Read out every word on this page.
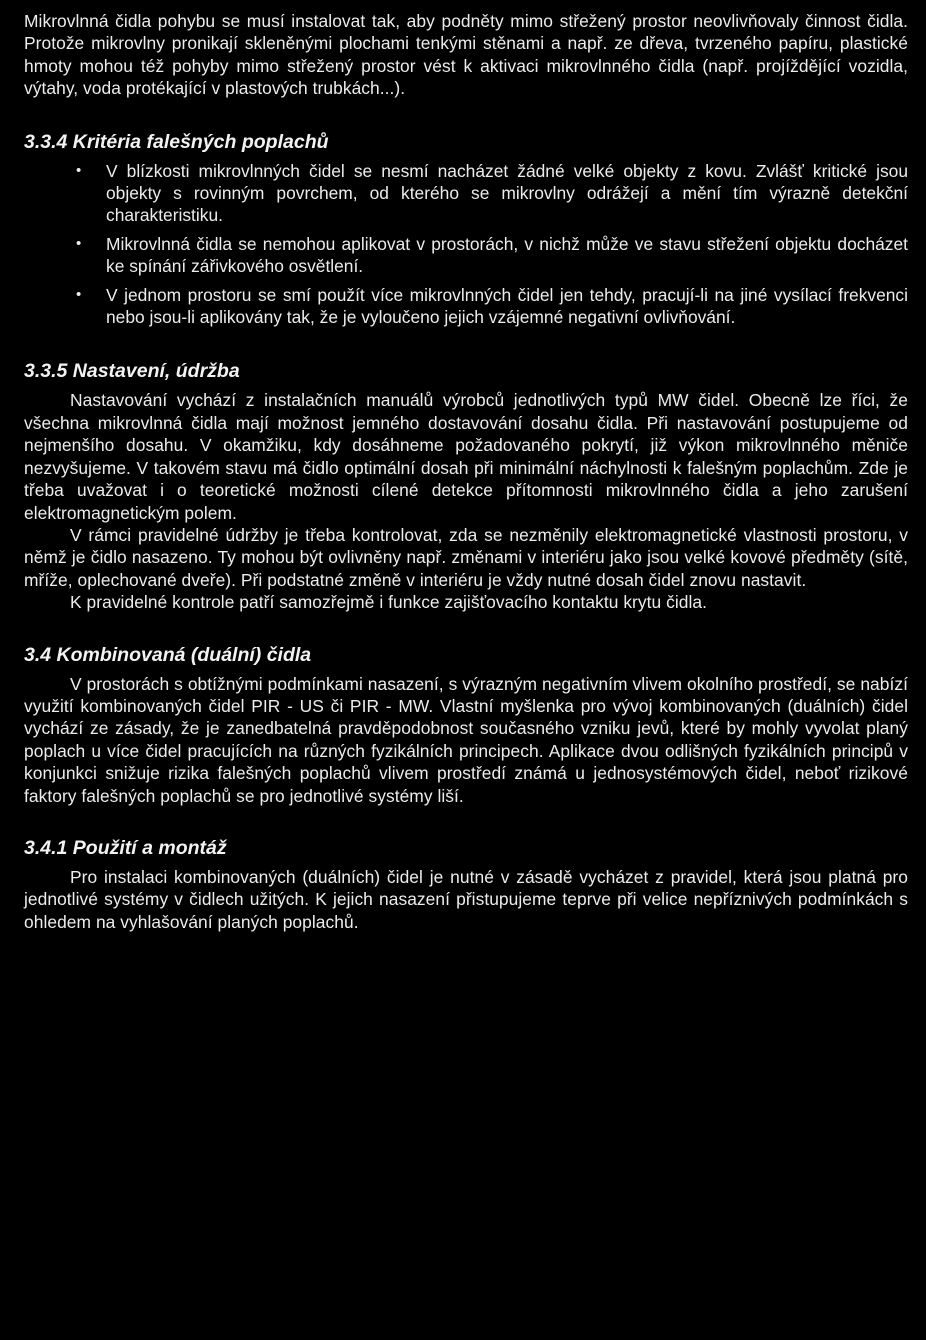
Mikrovlnná čidla pohybu se musí instalovat tak, aby podněty mimo střežený prostor neovlivňovaly činnost čidla. Protože mikrovlny pronikají skleněnými plochami tenkými stěnami a např. ze dřeva, tvrzeného papíru, plastické hmoty mohou též pohyby mimo střežený prostor vést k aktivaci mikrovlnného čidla (např. projíždějící vozidla, výtahy, voda protékající v plastových trubkách...).

3.3.4 Kritéria falešných poplachů
• V blízkosti mikrovlnných čidel se nesmí nacházet žádné velké objekty z kovu. Zvlášť kritické jsou objekty s rovinným povrchem, od kterého se mikrovlny odrážejí a mění tím výrazně detekční charakteristiku.
• Mikrovlnná čidla se nemohou aplikovat v prostorách, v nichž může ve stavu střežení objektu docházet ke spínání zářivkového osvětlení.
• V jednom prostoru se smí použít více mikrovlnných čidel jen tehdy, pracují-li na jiné vysílací frekvenci nebo jsou-li aplikovány tak, že je vyloučeno jejich vzájemné negativní ovlivňování.
3.3.5 Nastavení, údržba

Nastavování vychází z instalačních manuálů výrobců jednotlivých typů MW čidel. Obecně lze říci, že všechna mikrovlnná čidla mají možnost jemného dostavování dosahu čidla. Při nastavování postupujeme od nejmenšího dosahu. V okamžiku, kdy dosáhneme požadovaného pokrytí, již výkon mikrovlnného měniče nezvyšujeme. V takovém stavu má čidlo optimální dosah při minimální náchylnosti k falešným poplachům. Zde je třeba uvažovat i o teoretické možnosti cílené detekce přítomnosti mikrovlnného čidla a jeho zarušení elektromagnetickým polem.

V rámci pravidelné údržby je třeba kontrolovat, zda se nezměnily elektromagnetické vlastnosti prostoru, v němž je čidlo nasazeno. Ty mohou být ovlivněny např. změnami v interiéru jako jsou velké kovové předměty (sítě, mříže, oplechované dveře). Při podstatné změně v interiéru je vždy nutné dosah čidel znovu nastavit.

K pravidelné kontrole patří samozřejmě i funkce zajišťovacího kontaktu krytu čidla.

3.4 Kombinovaná (duální) čidla

V prostorách s obtížnými podmínkami nasazení, s výrazným negativním vlivem okolního prostředí, se nabízí využití kombinovaných čidel PIR - US či PIR - MW. Vlastní myšlenka pro vývoj kombinovaných (duálních) čidel vychází ze zásady, že je zanedbatelná pravděpodobnost současného vzniku jevů, které by mohly vyvolat planý poplach u více čidel pracujících na různých fyzikálních principech. Aplikace dvou odlišných fyzikálních principů v konjunkci snižuje rizika falešných poplachů vlivem prostředí známá u jednosystémových čidel, neboť rizikové faktory falešných poplachů se pro jednotlivé systémy liší.

3.4.1 Použití a montáž

Pro instalaci kombinovaných (duálních) čidel je nutné v zásadě vycházet z pravidel, která jsou platná pro jednotlivé systémy v čidlech užitých. K jejich nasazení přistupujeme teprve při velice nepříznivých podmínkách s ohledem na vyhlašování planých poplachů.
